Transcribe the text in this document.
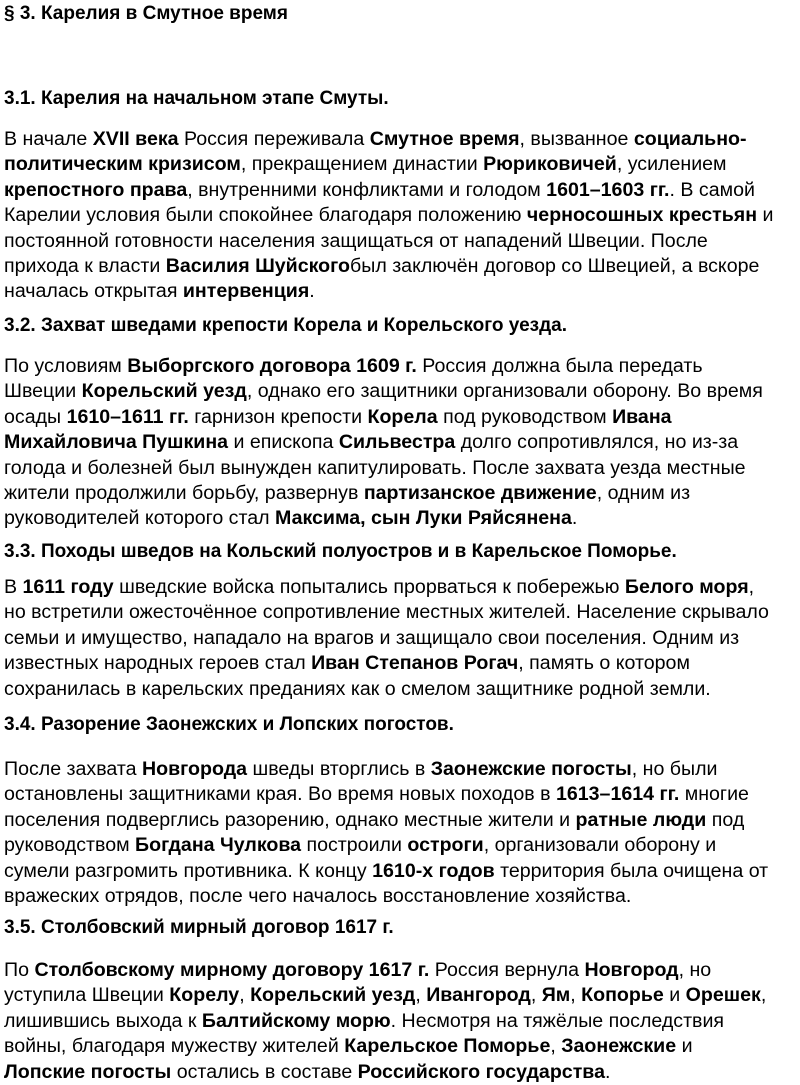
§ 3. Карелия в Смутное время
3.1. Карелия на начальном этапе Смуты.
В начале XVII века Россия переживала Смутное время, вызванное социально-
политическим кризисом, прекращением династии Рюриковичей, усилением
крепостного права, внутренними конфликтами и голодом 1601–1603 гг.. В самой
Карелии условия были спокойнее благодаря положению черносошных крестьян и
постоянной готовности населения защищаться от нападений Швеции. После
прихода к власти Василия Шуйскогобыл заключён договор со Швецией, а вскоре
началась открытая интервенция.
3.2. Захват шведами крепости Корела и Корельского уезда.
По условиям Выборгского договора 1609 г. Россия должна была передать
Швеции Корельский уезд, однако его защитники организовали оборону. Во время
осады 1610–1611 гг. гарнизон крепости Корела под руководством Ивана
Михайловича Пушкина и епископа Сильвестра долго сопротивлялся, но из-за
голода и болезней был вынужден капитулировать. После захвата уезда местные
жители продолжили борьбу, развернув партизанское движение, одним из
руководителей которого стал Максима, сын Луки Ряйсянена.
3.3. Походы шведов на Кольский полуостров и в Карельское Поморье.
В 1611 году шведские войска попытались прорваться к побережью Белого моря,
но встретили ожесточённое сопротивление местных жителей. Население скрывало
семьи и имущество, нападало на врагов и защищало свои поселения. Одним из
известных народных героев стал Иван Степанов Рогач, память о котором
сохранилась в карельских преданиях как о смелом защитнике родной земли.
3.4. Разорение Заонежских и Лопских погостов.
После захвата Новгорода шведы вторглись в Заонежские погосты, но были
остановлены защитниками края. Во время новых походов в 1613–1614 гг. многие
поселения подверглись разорению, однако местные жители и ратные люди под
руководством Богдана Чулкова построили остроги, организовали оборону и
сумели разгромить противника. К концу 1610-х годов территория была очищена от
вражеских отрядов, после чего началось восстановление хозяйства.
3.5. Столбовский мирный договор 1617 г.
По Столбовскому мирному договору 1617 г. Россия вернула Новгород, но
уступила Швеции Корелу, Корельский уезд, Ивангород, Ям, Копорье и Орешек,
лишившись выхода к Балтийскому морю. Несмотря на тяжёлые последствия
войны, благодаря мужеству жителей Карельское Поморье, Заонежские и
Лопские погосты остались в составе Российского государства.
